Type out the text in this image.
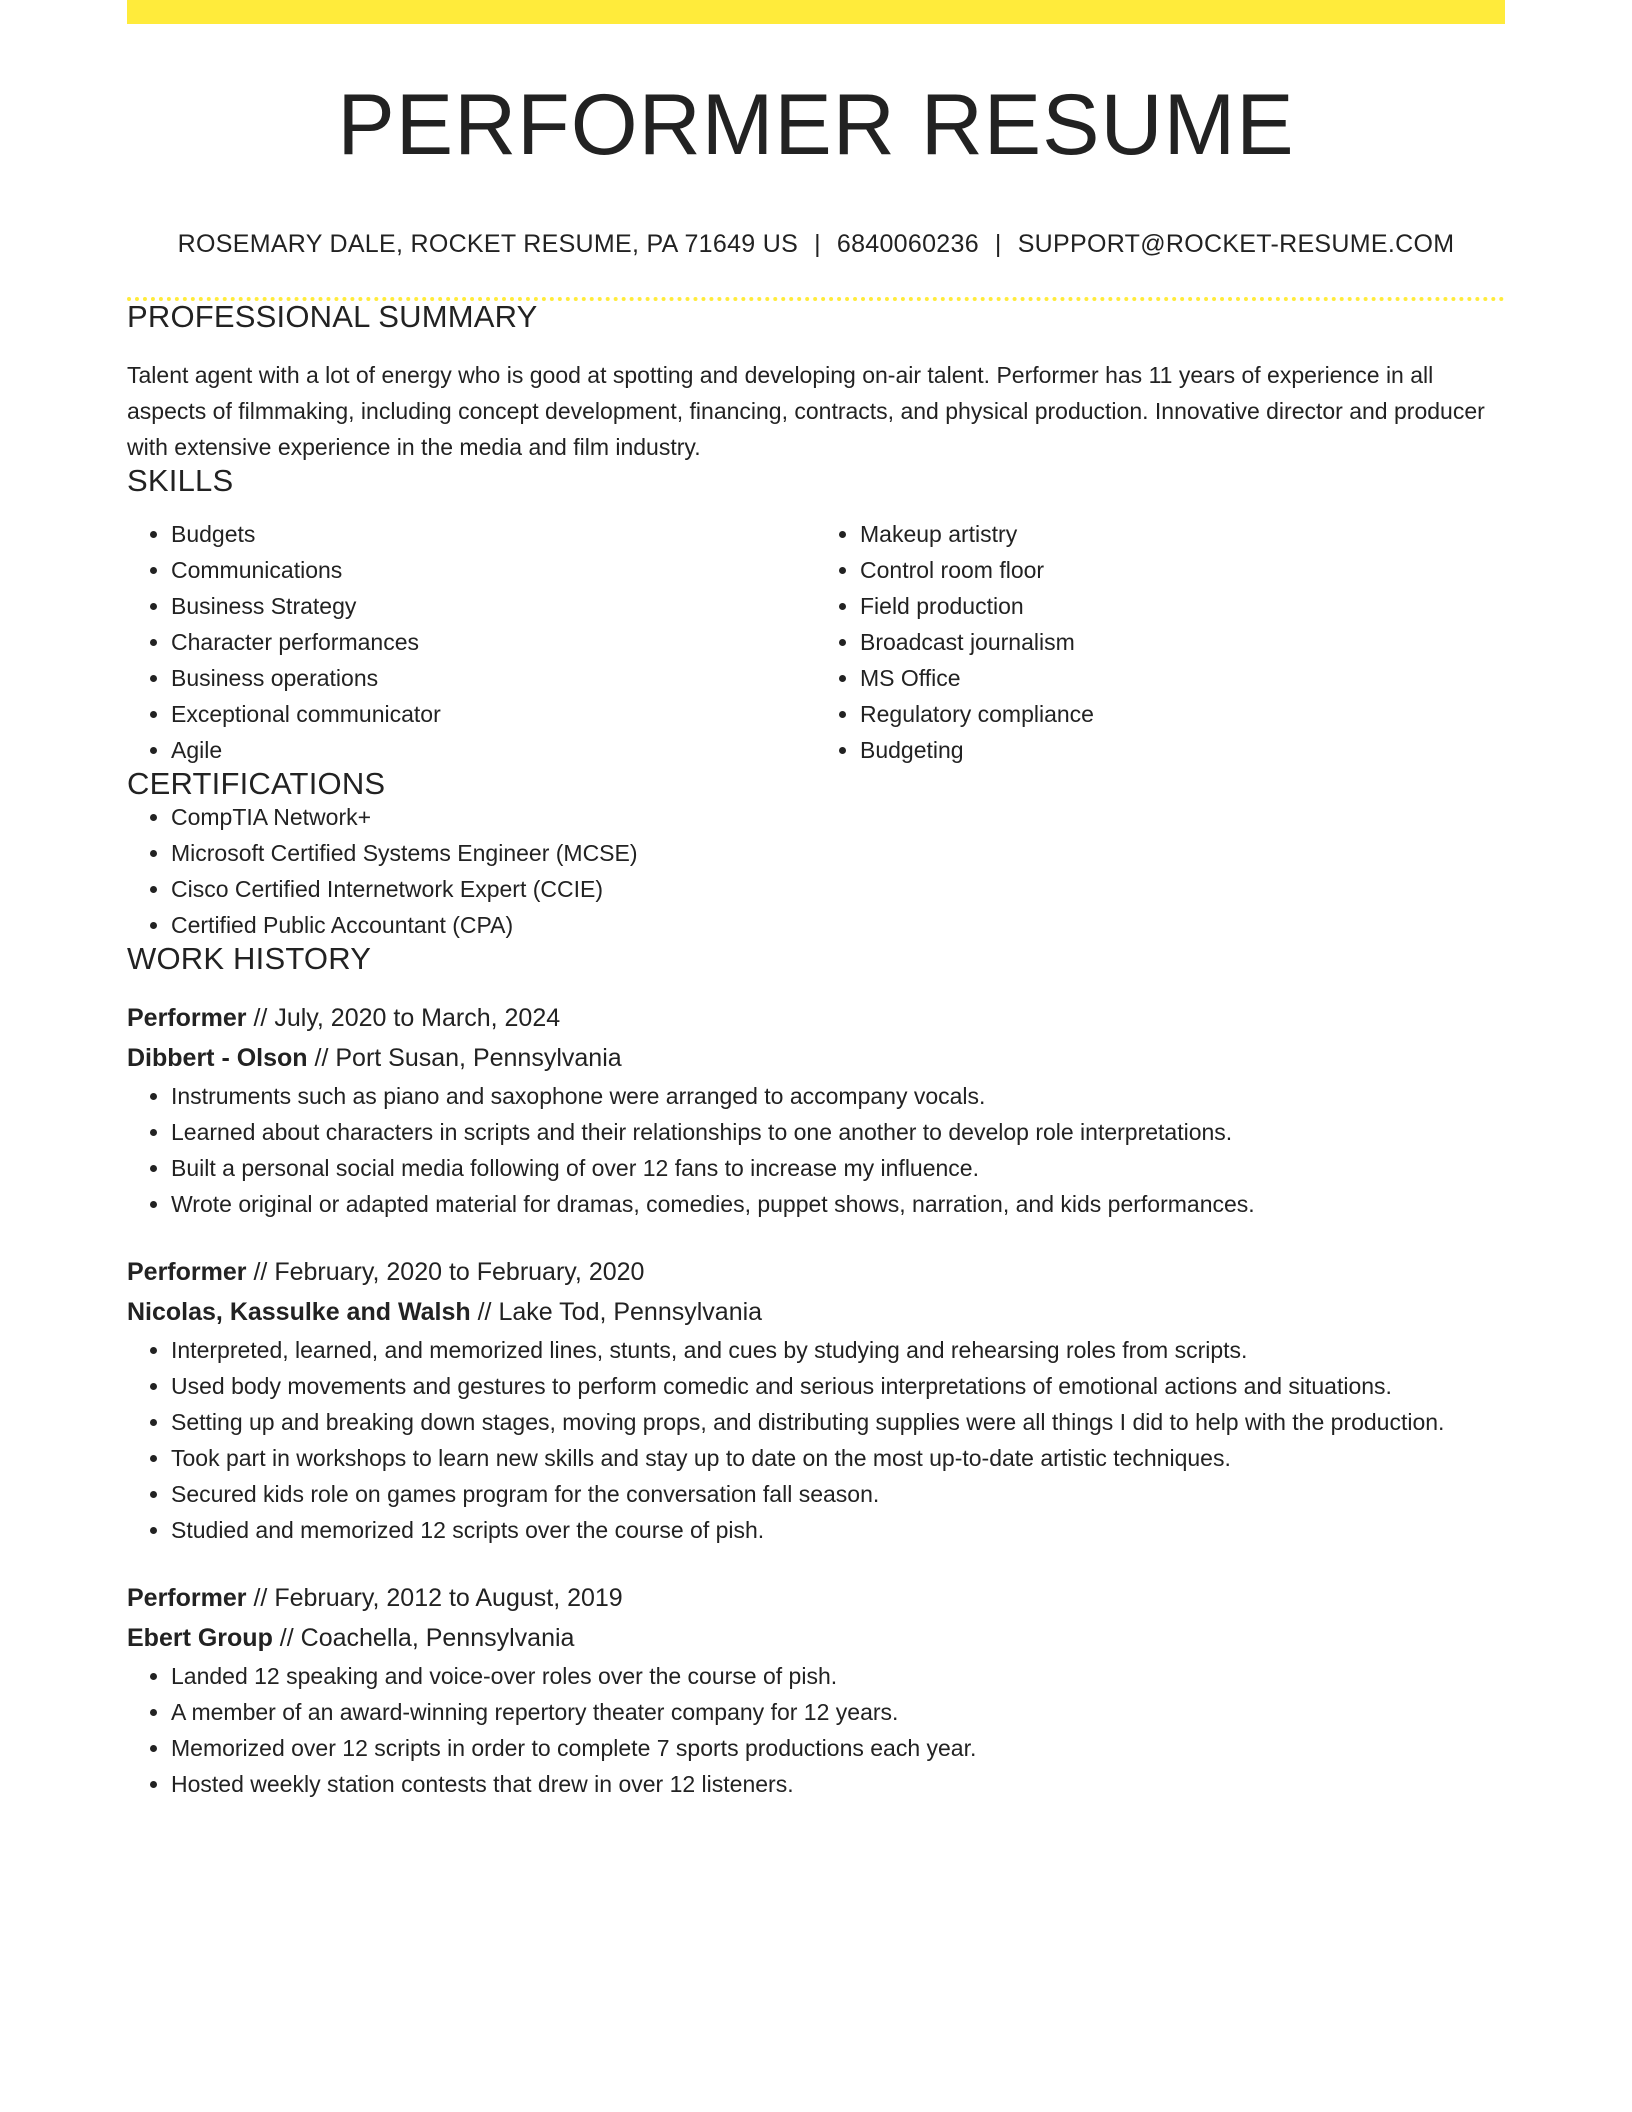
PERFORMER RESUME
ROSEMARY DALE, ROCKET RESUME, PA 71649 US | 6840060236 | SUPPORT@ROCKET-RESUME.COM
PROFESSIONAL SUMMARY

Talent agent with a lot of energy who is good at spotting and developing on-air talent. Performer has 11 years of experience in all aspects of filmmaking, including concept development, financing, contracts, and physical production. Innovative director and producer with extensive experience in the media and film industry.

SKILLS
• Budgets
• Communications
• Business Strategy
• Character performances
• Business operations
• Exceptional communicator
• Agile
• Makeup artistry
• Control room floor
• Field production
• Broadcast journalism
• MS Office
• Regulatory compliance
• Budgeting
CERTIFICATIONS
• CompTIA Network+
• Microsoft Certified Systems Engineer (MCSE)
• Cisco Certified Internetwork Expert (CCIE)
• Certified Public Accountant (CPA)
WORK HISTORY
Performer // July, 2020 to March, 2024
Dibbert - Olson // Port Susan, Pennsylvania
• Instruments such as piano and saxophone were arranged to accompany vocals.
• Learned about characters in scripts and their relationships to one another to develop role interpretations.
• Built a personal social media following of over 12 fans to increase my influence.
• Wrote original or adapted material for dramas, comedies, puppet shows, narration, and kids performances.
Performer // February, 2020 to February, 2020
Nicolas, Kassulke and Walsh // Lake Tod, Pennsylvania
• Interpreted, learned, and memorized lines, stunts, and cues by studying and rehearsing roles from scripts.
• Used body movements and gestures to perform comedic and serious interpretations of emotional actions and situations.
• Setting up and breaking down stages, moving props, and distributing supplies were all things I did to help with the production.
• Took part in workshops to learn new skills and stay up to date on the most up-to-date artistic techniques.
• Secured kids role on games program for the conversation fall season.
• Studied and memorized 12 scripts over the course of pish.
Performer // February, 2012 to August, 2019
Ebert Group // Coachella, Pennsylvania
• Landed 12 speaking and voice-over roles over the course of pish.
• A member of an award-winning repertory theater company for 12 years.
• Memorized over 12 scripts in order to complete 7 sports productions each year.
• Hosted weekly station contests that drew in over 12 listeners.
